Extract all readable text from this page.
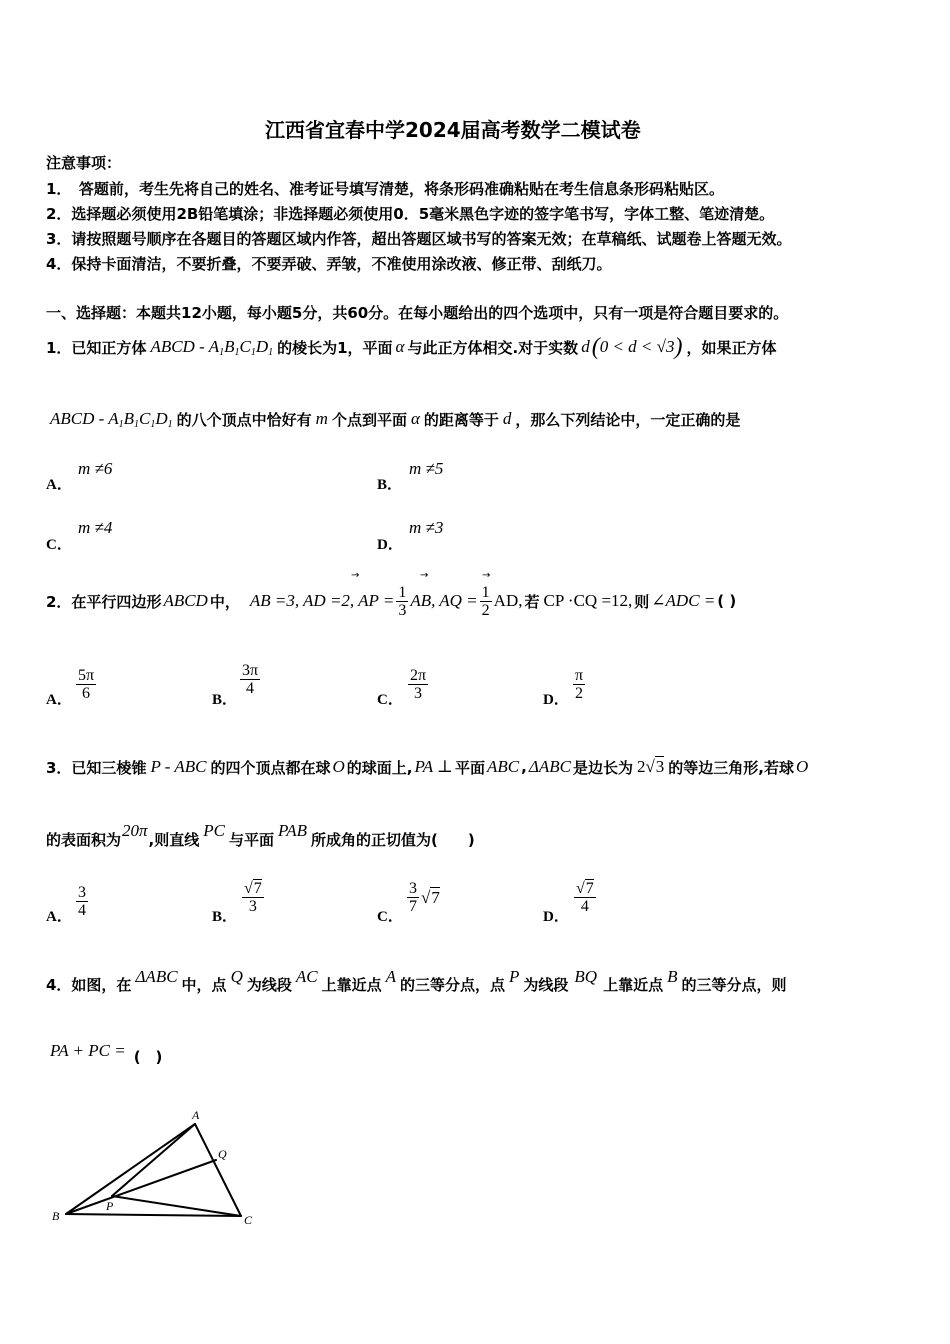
江西省宜春中学2024届高考数学二模试卷
注意事项：
1．　答题前，考生先将自己的姓名、准考证号填写清楚，将条形码准确粘贴在考生信息条形码粘贴区。
2．选择题必须使用2B铅笔填涂；非选择题必须使用0．5毫米黑色字迹的签字笔书写，字体工整、笔迹清楚。
3．请按照题号顺序在各题目的答题区域内作答，超出答题区域书写的答案无效；在草稿纸、试题卷上答题无效。
4．保持卡面清洁，不要折叠，不要弄破、弄皱，不准使用涂改液、修正带、刮纸刀。
一、选择题：本题共12小题，每小题5分，共60分。在每小题给出的四个选项中，只有一项是符合题目要求的。
1．已知正方体 ABCD - $A_1B_1C_1D_1$ 的棱长为1，平面 α 与此正方体相交.对于实数 d ( 0 < d < √3 ) ，如果正方体
ABCD - $A_1B_1C_1D_1$ 的八个顶点中恰好有 m 个点到平面 α 的距离等于 d ，那么下列结论中，一定正确的是
A．
m ≠6
B．
m ≠5
C．
m ≠4
D．
m ≠3
2．在平行四边形 ABCD 中， AB =3, AD =2, AP = $\frac{1}{3}$ AB, AQ = $\frac{1}{2}$ AD, 若 CP ·CQ =12, 则 ∠ADC = ( )
→	→	→
A． $\frac{5\pi}{6}$	B．
$\frac{3\pi}{4}$
C． $\frac{2\pi}{3}$	D． $\frac{\pi}{2}$
3．已知三棱锥 P - ABC 的四个顶点都在球 O 的球面上, PA ⊥ 平面 ABC , ΔABC 是边长为 2√3 的等边三角形,若球 O
的表面积为 20π ,则直线 PC 与平面 PAB 所成角的正切值为(　　)
A． $\frac{3}{4}$	B．
$\frac{√7}{3}$
C．
$\frac{3}{7} √7$
D．
$\frac{√7}{4}$
4．如图，在 ΔABC 中，点 Q 为线段 AC 上靠近点 A 的三等分点，点 P 为线段 BQ 上靠近点 B 的三等分点，则
PA + PC = (　)
A
B	C
P
Q
